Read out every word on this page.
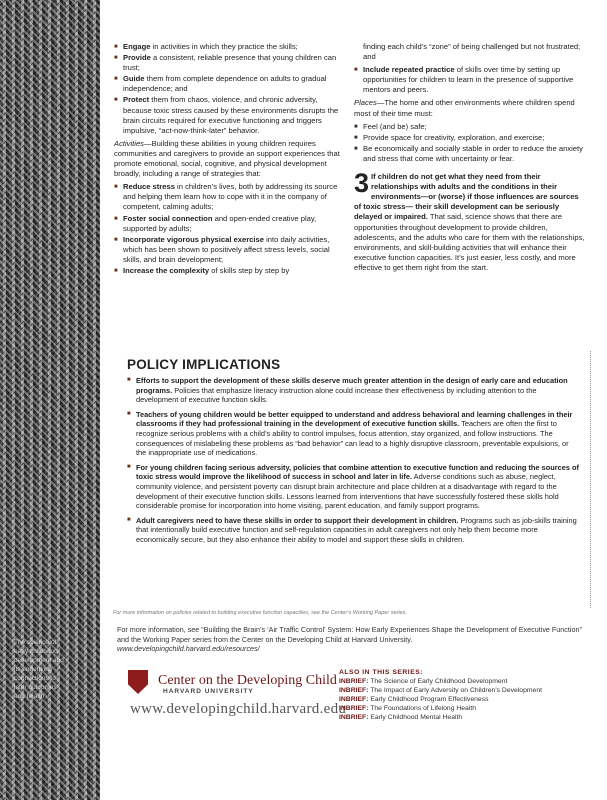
The science of
early childhood
development and
its underlying
connections to
later outcomes
and health
■ Engage in activities in which they practice the skills;
■ Provide a consistent, reliable presence that young children can trust;
■ Guide them from complete dependence on adults to gradual independence; and
■ Protect them from chaos, violence, and chronic adversity, because toxic stress caused by these environments disrupts the brain circuits required for executive functioning and triggers impulsive, “act-now-think-later” behavior.

Activities—Building these abilities in young children requires communities and caregivers to provide an support experiences that promote emotional, social, cognitive, and physical development broadly, including a range of strategies that:

■ Reduce stress in children’s lives, both by addressing its source and helping them learn how to cope with it in the company of competent, calming adults;
■ Foster social connection and open-ended creative play, supported by adults;
■ Incorporate vigorous physical exercise into daily activities, which has been shown to positively affect stress levels, social skills, and brain development;
■ Increase the complexity of skills step by step by

finding each child’s “zone” of being challenged but not frustrated; and

■ Include repeated practice of skills over time by setting up opportunities for children to learn in the presence of supportive mentors and peers.

Places—The home and other environments where children spend most of their time must:

■ Feel (and be) safe;
■ Provide space for creativity, exploration, and exercise;
■ Be economically and socially stable in order to reduce the anxiety and stress that come with uncertainty or fear.

3 If children do not get what they need from their relationships with adults and the conditions in their environments—or (worse) if those influences are sources of toxic stress— their skill development can be seriously delayed or impaired. That said, science shows that there are opportunities throughout development to provide children, adolescents, and the adults who care for them with the relationships, environments, and skill-building activities that will enhance their executive function capacities. It’s just easier, less costly, and more effective to get them right from the start.

POLICY IMPLICATIONS
■ Efforts to support the development of these skills deserve much greater attention in the design of early care and education programs. Policies that emphasize literacy instruction alone could increase their effectiveness by including attention to the development of executive function skills.
■ Teachers of young children would be better equipped to understand and address behavioral and learning challenges in their classrooms if they had professional training in the development of executive function skills. Teachers are often the first to recognize serious problems with a child’s ability to control impulses, focus attention, stay organized, and follow instructions. The consequences of mislabeling these problems as “bad behavior” can lead to a highly disruptive classroom, preventable expulsions, or the inappropriate use of medications.
■ For young children facing serious adversity, policies that combine attention to executive function and reducing the sources of toxic stress would improve the likelihood of success in school and later in life. Adverse conditions such as abuse, neglect, community violence, and persistent poverty can disrupt brain architecture and place children at a disadvantage with regard to the development of their executive function skills. Lessons learned from interventions that have successfully fostered these skills hold considerable promise for incorporation into home visiting, parent education, and family support programs.
■ Adult caregivers need to have these skills in order to support their development in children. Programs such as job-skills training that intentionally build executive function and self-regulation capacities in adult caregivers not only help them become more economically secure, but they also enhance their ability to model and support these skills in children.
For more information on policies related to building executive function capacities, see the Center’s Working Paper series.
For more information, see “Building the Brain’s ‘Air Traffic Control’ System: How Early Experiences Shape the Development of Executive Function” and the Working Paper series from the Center on the Developing Child at Harvard University.
www.developingchild.harvard.edu/resources/
Center on the Developing Child
HARVARD UNIVERSITY
www.developingchild.harvard.edu
ALSO IN THIS SERIES:
INBRIEF: The Science of Early Childhood Development
INBRIEF: The Impact of Early Adversity on Children’s Development
INBRIEF: Early Childhood Program Effectiveness
INBRIEF: The Foundations of Lifelong Health
INBRIEF: Early Childhood Mental Health
